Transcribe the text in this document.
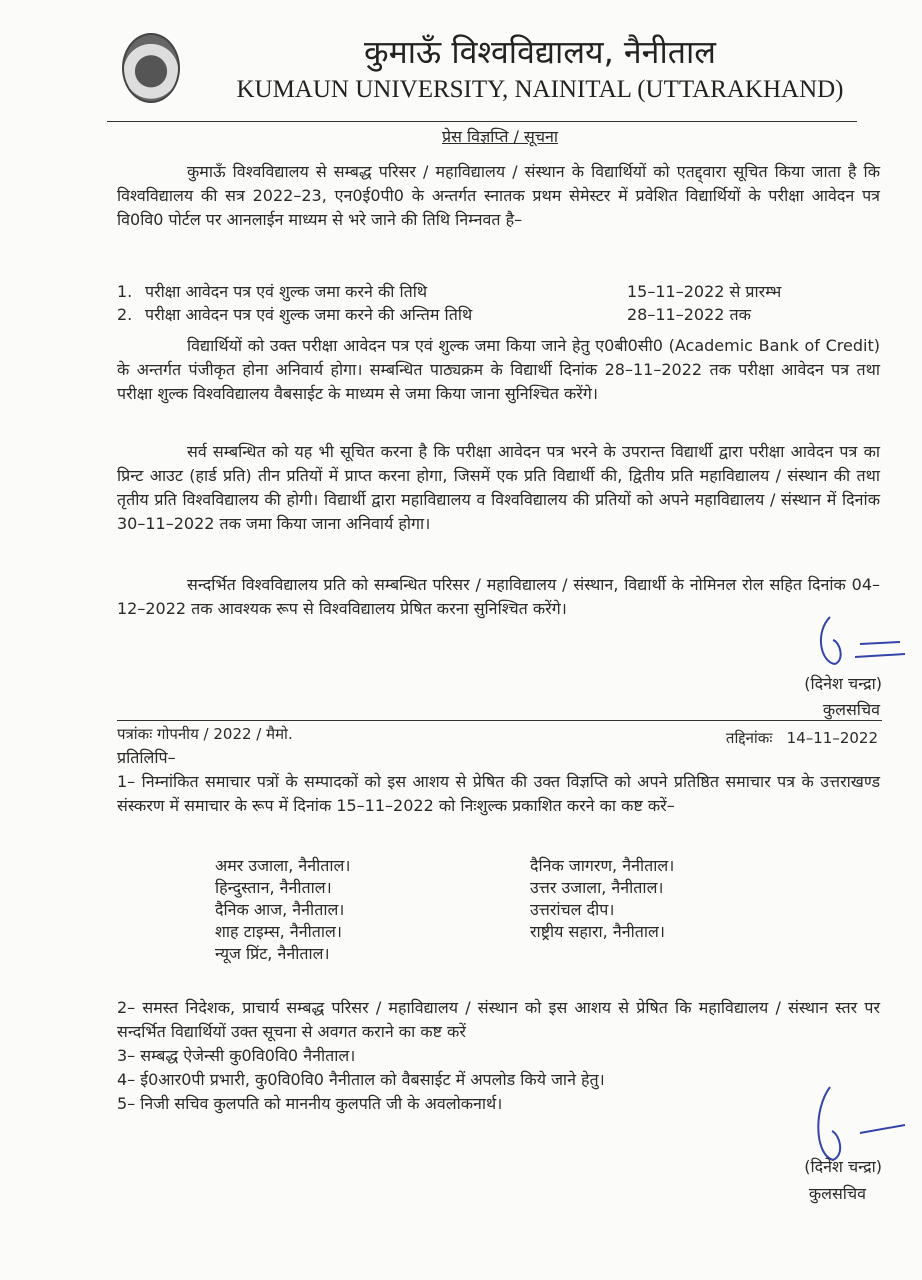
कुमाऊँ विश्वविद्यालय, नैनीताल
KUMAUN UNIVERSITY, NAINITAL (UTTARAKHAND)
प्रेस विज्ञप्ति / सूचना
कुमाऊँ विश्वविद्यालय से सम्बद्ध परिसर / महाविद्यालय / संस्थान के विद्यार्थियों को एतद्द्वारा सूचित किया जाता है कि विश्वविद्यालय की सत्र 2022–23, एन0ई0पी0 के अन्तर्गत स्नातक प्रथम सेमेस्टर में प्रवेशित विद्यार्थियों के परीक्षा आवेदन पत्र वि0वि0 पोर्टल पर आनलाईन माध्यम से भरे जाने की तिथि निम्नवत है–
1. परीक्षा आवेदन पत्र एवं शुल्क जमा करने की तिथि	15–11–2022 से प्रारम्भ
2. परीक्षा आवेदन पत्र एवं शुल्क जमा करने की अन्तिम तिथि	28–11–2022 तक
विद्यार्थियों को उक्त परीक्षा आवेदन पत्र एवं शुल्क जमा किया जाने हेतु ए0बी0सी0 (Academic Bank of Credit) के अन्तर्गत पंजीकृत होना अनिवार्य होगा। सम्बन्धित पाठ्यक्रम के विद्यार्थी दिनांक 28–11–2022 तक परीक्षा आवेदन पत्र तथा परीक्षा शुल्क विश्वविद्यालय वैबसाईट के माध्यम से जमा किया जाना सुनिश्चित करेंगे।
सर्व सम्बन्धित को यह भी सूचित करना है कि परीक्षा आवेदन पत्र भरने के उपरान्त विद्यार्थी द्वारा परीक्षा आवेदन पत्र का प्रिन्ट आउट (हार्ड प्रति) तीन प्रतियों में प्राप्त करना होगा, जिसमें एक प्रति विद्यार्थी की, द्वितीय प्रति महाविद्यालय / संस्थान की तथा तृतीय प्रति विश्वविद्यालय की होगी। विद्यार्थी द्वारा महाविद्यालय व विश्वविद्यालय की प्रतियों को अपने महाविद्यालय / संस्थान में दिनांक 30–11–2022 तक जमा किया जाना अनिवार्य होगा।
सन्दर्भित विश्वविद्यालय प्रति को सम्बन्धित परिसर / महाविद्यालय / संस्थान, विद्यार्थी के नोमिनल रोल सहित दिनांक 04–12–2022 तक आवश्यक रूप से विश्वविद्यालय प्रेषित करना सुनिश्चित करेंगे।
(दिनेश चन्द्रा)
कुलसचिव
पत्रांकः गोपनीय / 2022 / मैमो.	तद्दिनांकः   14–11–2022
प्रतिलिपि–
1– निम्नांकित समाचार पत्रों के सम्पादकों को इस आशय से प्रेषित की उक्त विज्ञप्ति को अपने प्रतिष्ठित समाचार पत्र के उत्तराखण्ड संस्करण में समाचार के रूप में दिनांक 15–11–2022 को निःशुल्क प्रकाशित करने का कष्ट करें–
अमर उजाला, नैनीताल।
हिन्दुस्तान, नैनीताल।
दैनिक आज, नैनीताल।
शाह टाइम्स, नैनीताल।
न्यूज प्रिंट, नैनीताल।
दैनिक जागरण, नैनीताल।
उत्तर उजाला, नैनीताल।
उत्तरांचल दीप।
राष्ट्रीय सहारा, नैनीताल।
2– समस्त निदेशक, प्राचार्य सम्बद्ध परिसर / महाविद्यालय / संस्थान को इस आशय से प्रेषित कि महाविद्यालय / संस्थान स्तर पर सन्दर्भित विद्यार्थियों उक्त सूचना से अवगत कराने का कष्ट करें
3– सम्बद्ध ऐजेन्सी कु0वि0वि0 नैनीताल।
4– ई0आर0पी प्रभारी, कु0वि0वि0 नैनीताल को वैबसाईट में अपलोड किये जाने हेतु।
5– निजी सचिव कुलपति को माननीय कुलपति जी के अवलोकनार्थ।
(दिनेश चन्द्रा)
कुलसचिव
